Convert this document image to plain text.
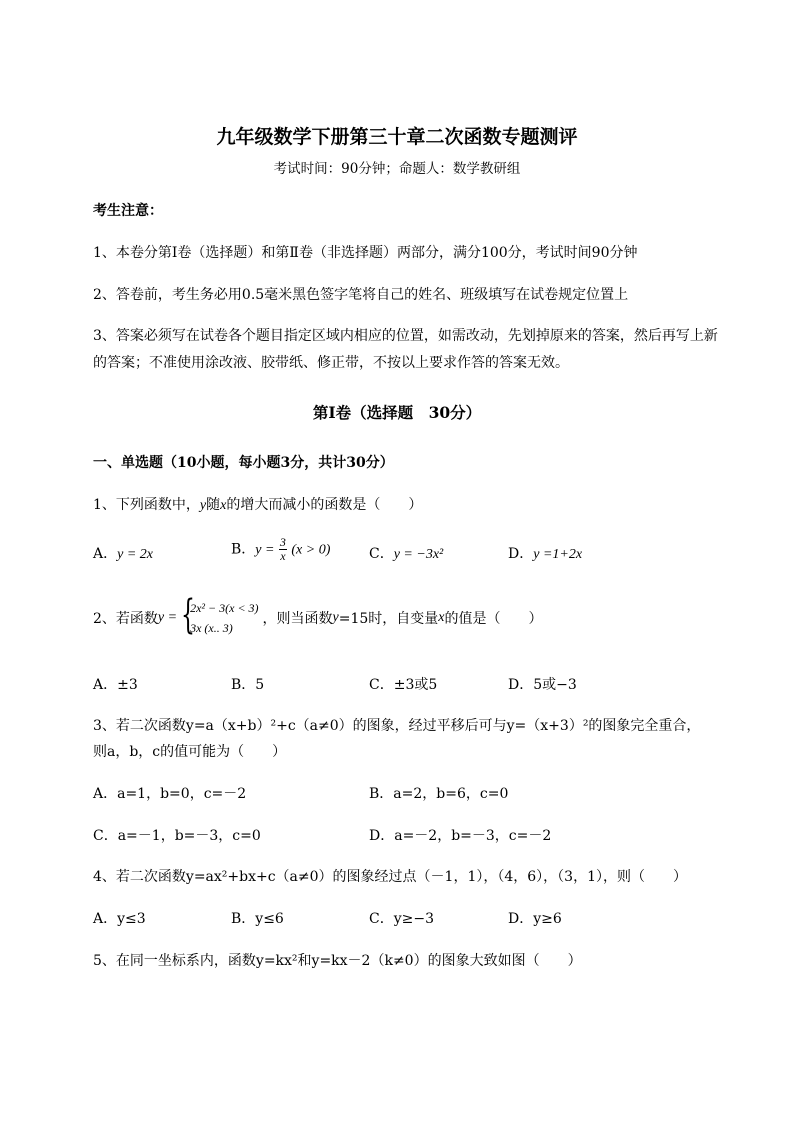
九年级数学下册第三十章二次函数专题测评
考试时间：90分钟；命题人：数学教研组
考生注意：
1、本卷分第I卷（选择题）和第Ⅱ卷（非选择题）两部分，满分100分，考试时间90分钟
2、答卷前，考生务必用0.5毫米黑色签字笔将自己的姓名、班级填写在试卷规定位置上
3、答案必须写在试卷各个题目指定区域内相应的位置，如需改动，先划掉原来的答案，然后再写上新
的答案；不准使用涂改液、胶带纸、修正带，不按以上要求作答的答案无效。
第I卷（选择题　30分）
一、单选题（10小题，每小题3分，共计30分）
1、下列函数中，y随x的增大而减小的函数是（　　）
A．y = 2x	B．$y = \frac{3}{x} (x > 0)$	C．y = −3x²	D．y =1+2x
2、若函数y = {
2x² − 3(x < 3)
3x (x.. 3)
，则当函数y=15时，自变量x的值是（　　）
A．±3	B．5	C．±3或5	D．5或−3
3、若二次函数y=a（x+b）²+c（a≠0）的图象，经过平移后可与y=（x+3）²的图象完全重合，
则a，b，c的值可能为（　　）
A．a=1，b=0，c=－2	B．a=2，b=6，c=0
C．a=－1，b=－3，c=0	D．a=－2，b=－3，c=－2
4、若二次函数y=ax²+bx+c（a≠0）的图象经过点（－1，1），（4，6），（3，1），则（　　）
A．y≤3	B．y≤6	C．y≥−3	D．y≥6
5、在同一坐标系内，函数y=kx²和y=kx－2（k≠0）的图象大致如图（　　）
